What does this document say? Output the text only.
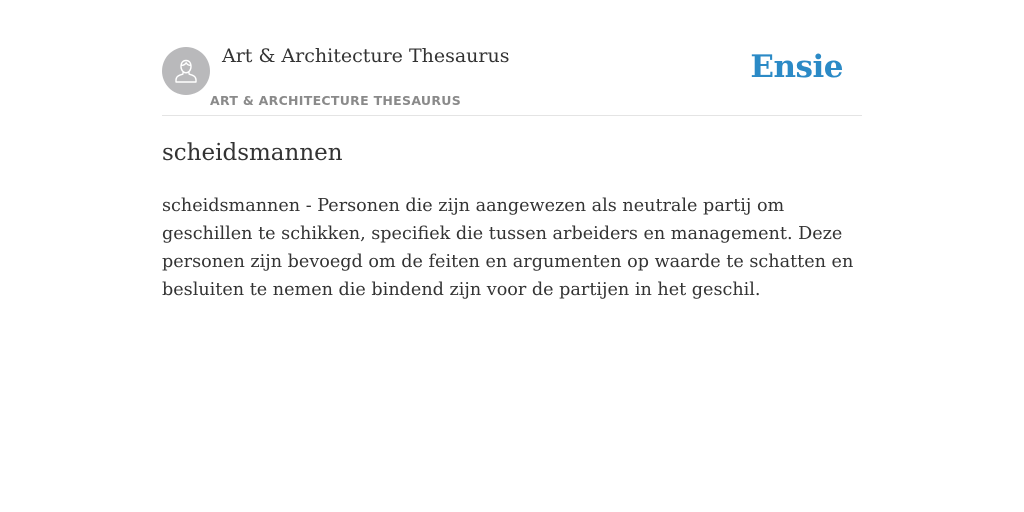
Art & Architecture Thesaurus
ART & ARCHITECTURE THESAURUS
Ensie
scheidsmannen

scheidsmannen - Personen die zijn aangewezen als neutrale partij om geschillen te schikken, specifiek die tussen arbeiders en management. Deze personen zijn bevoegd om de feiten en argumenten op waarde te schatten en besluiten te nemen die bindend zijn voor de partijen in het geschil.
